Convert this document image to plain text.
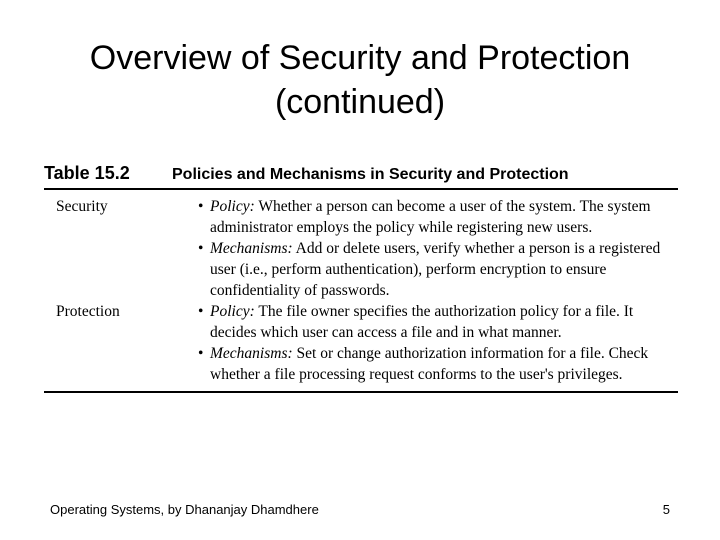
Overview of Security and Protection
(continued)
Table 15.2	Policies and Mechanisms in Security and Protection
Security	• Policy: Whether a person can become a user of the system. The system administrator employs the policy while registering new users.
• Mechanisms: Add or delete users, verify whether a person is a registered user (i.e., perform authentication), perform encryption to ensure confidentiality of passwords.
Protection	• Policy: The file owner specifies the authorization policy for a file. It decides which user can access a file and in what manner.
• Mechanisms: Set or change authorization information for a file. Check whether a file processing request conforms to the user's privileges.
Operating Systems, by Dhananjay Dhamdhere	5
